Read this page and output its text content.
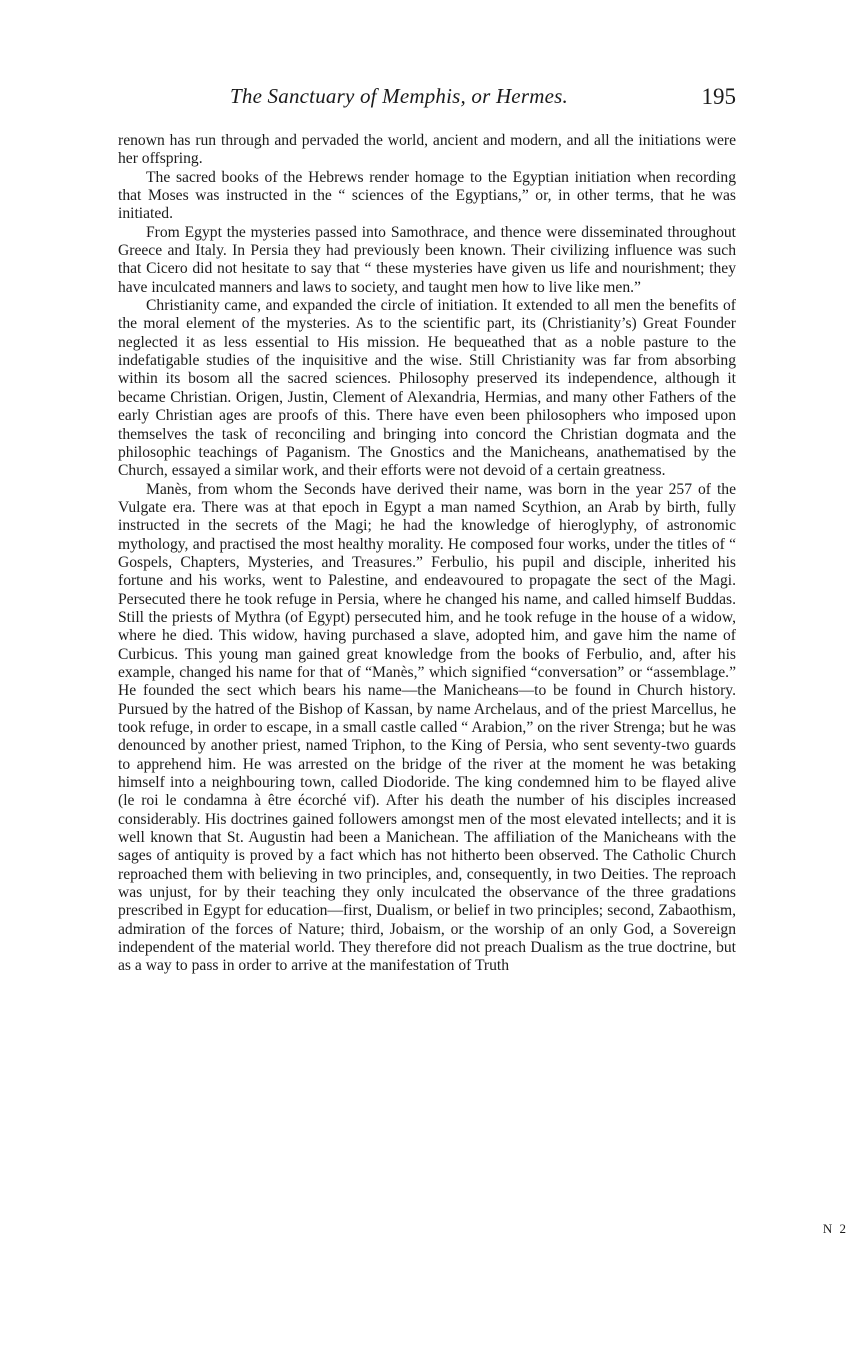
The Sanctuary of Memphis, or Hermes.	195

renown has run through and pervaded the world, ancient and modern, and all the initiations were her offspring.

The sacred books of the Hebrews render homage to the Egyptian initiation when recording that Moses was instructed in the “ sciences of the Egyptians,” or, in other terms, that he was initiated.

From Egypt the mysteries passed into Samothrace, and thence were disseminated throughout Greece and Italy. In Persia they had previously been known. Their civilizing influence was such that Cicero did not hesitate to say that “ these mysteries have given us life and nourishment; they have inculcated manners and laws to society, and taught men how to live like men.”

Christianity came, and expanded the circle of initiation. It extended to all men the benefits of the moral element of the mysteries. As to the scientific part, its (Christianity’s) Great Founder neglected it as less essential to His mission. He bequeathed that as a noble pasture to the indefatigable studies of the inquisitive and the wise. Still Christianity was far from absorbing within its bosom all the sacred sciences. Philosophy preserved its independence, although it became Christian. Origen, Justin, Clement of Alexandria, Hermias, and many other Fathers of the early Christian ages are proofs of this. There have even been philosophers who imposed upon themselves the task of reconciling and bringing into concord the Christian dogmata and the philosophic teachings of Paganism. The Gnostics and the Manicheans, anathematised by the Church, essayed a similar work, and their efforts were not devoid of a certain greatness.

Manès, from whom the Seconds have derived their name, was born in the year 257 of the Vulgate era. There was at that epoch in Egypt a man named Scythion, an Arab by birth, fully instructed in the secrets of the Magi; he had the knowledge of hieroglyphy, of astronomic mythology, and practised the most healthy morality. He composed four works, under the titles of “ Gospels, Chapters, Mysteries, and Treasures.” Ferbulio, his pupil and disciple, inherited his fortune and his works, went to Palestine, and endeavoured to propagate the sect of the Magi. Persecuted there he took refuge in Persia, where he changed his name, and called himself Buddas. Still the priests of Mythra (of Egypt) persecuted him, and he took refuge in the house of a widow, where he died. This widow, having purchased a slave, adopted him, and gave him the name of Curbicus. This young man gained great knowledge from the books of Ferbulio, and, after his example, changed his name for that of “Manès,” which signified “conversation” or “assemblage.” He founded the sect which bears his name—the Manicheans—to be found in Church history. Pursued by the hatred of the Bishop of Kassan, by name Archelaus, and of the priest Marcellus, he took refuge, in order to escape, in a small castle called “ Arabion,” on the river Strenga; but he was denounced by another priest, named Triphon, to the King of Persia, who sent seventy-two guards to apprehend him. He was arrested on the bridge of the river at the moment he was betaking himself into a neighbouring town, called Diodoride. The king condemned him to be flayed alive (le roi le condamna à être écorché vif). After his death the number of his disciples increased considerably. His doctrines gained followers amongst men of the most elevated intellects; and it is well known that St. Augustin had been a Manichean. The affiliation of the Manicheans with the sages of antiquity is proved by a fact which has not hitherto been observed. The Catholic Church reproached them with believing in two principles, and, consequently, in two Deities. The reproach was unjust, for by their teaching they only inculcated the observance of the three gradations prescribed in Egypt for education—first, Dualism, or belief in two principles; second, Zabaothism, admiration of the forces of Nature; third, Jobaism, or the worship of an only God, a Sovereign independent of the material world. They therefore did not preach Dualism as the true doctrine, but as a way to pass in order to arrive at the manifestation of Truth

N 2
